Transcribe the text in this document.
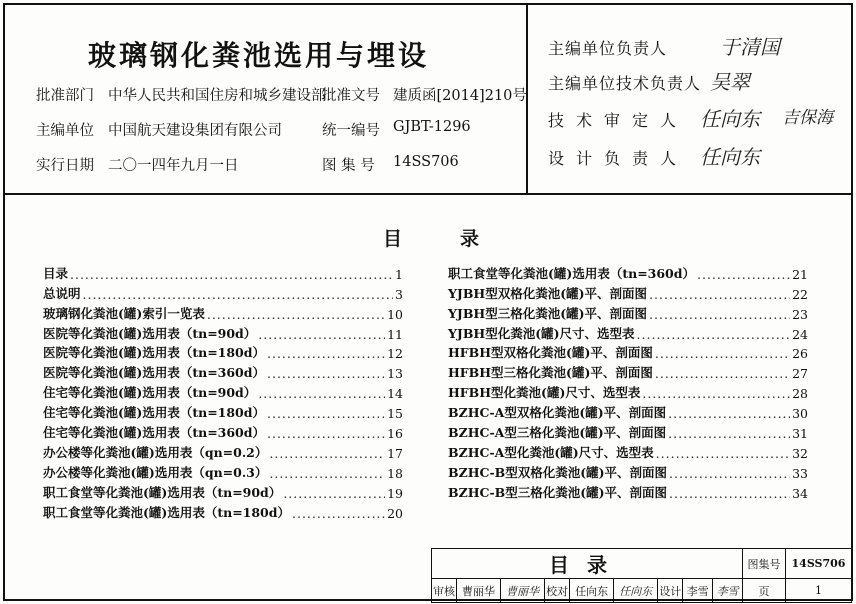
玻璃钢化粪池选用与埋设
批准部门 中华人民共和国住房和城乡建设部
批准文号 建质函[2014]210号
主编单位 中国航天建设集团有限公司	统一编号 GJBT-1296
实行日期 二〇一四年九月一日	图 集 号 14SS706
主编单位负责人	于清国
主编单位技术负责人 吴翠
技术审定人 任向东 吉保海
设计负责人 任向东
目录
目录 .....	1
总说明 .....	3
玻璃钢化粪池(罐)索引一览表 .....	10
医院等化粪池(罐)选用表（tn=90d） .....	11
医院等化粪池(罐)选用表（tn=180d） .....	12
医院等化粪池(罐)选用表（tn=360d） .....	13
住宅等化粪池(罐)选用表（tn=90d） .....	14
住宅等化粪池(罐)选用表（tn=180d） .....	15
住宅等化粪池(罐)选用表（tn=360d） .....	16
办公楼等化粪池(罐)选用表（qn=0.2） .....	17
办公楼等化粪池(罐)选用表（qn=0.3） .....	18
职工食堂等化粪池(罐)选用表（tn=90d） .....	19
职工食堂等化粪池(罐)选用表（tn=180d） .....	20
职工食堂等化粪池(罐)选用表（tn=360d） .....	21
YJBH型双格化粪池(罐)平、剖面图 .....	22
YJBH型三格化粪池(罐)平、剖面图 .....	23
YJBH型化粪池(罐)尺寸、选型表 .....	24
HFBH型双格化粪池(罐)平、剖面图 .....	26
HFBH型三格化粪池(罐)平、剖面图 .....	27
HFBH型化粪池(罐)尺寸、选型表 .....	28
BZHC-A型双格化粪池(罐)平、剖面图 .....	30
BZHC-A型三格化粪池(罐)平、剖面图 .....	31
BZHC-A型化粪池(罐)尺寸、选型表 .....	32
BZHC-B型双格化粪池(罐)平、剖面图 .....	33
BZHC-B型三格化粪池(罐)平、剖面图 .....	34
目录									图集号	14SS706
审核	曹丽华	曹丽华	校对	任向东	任向东	设计	李雪	李雪	页	1
